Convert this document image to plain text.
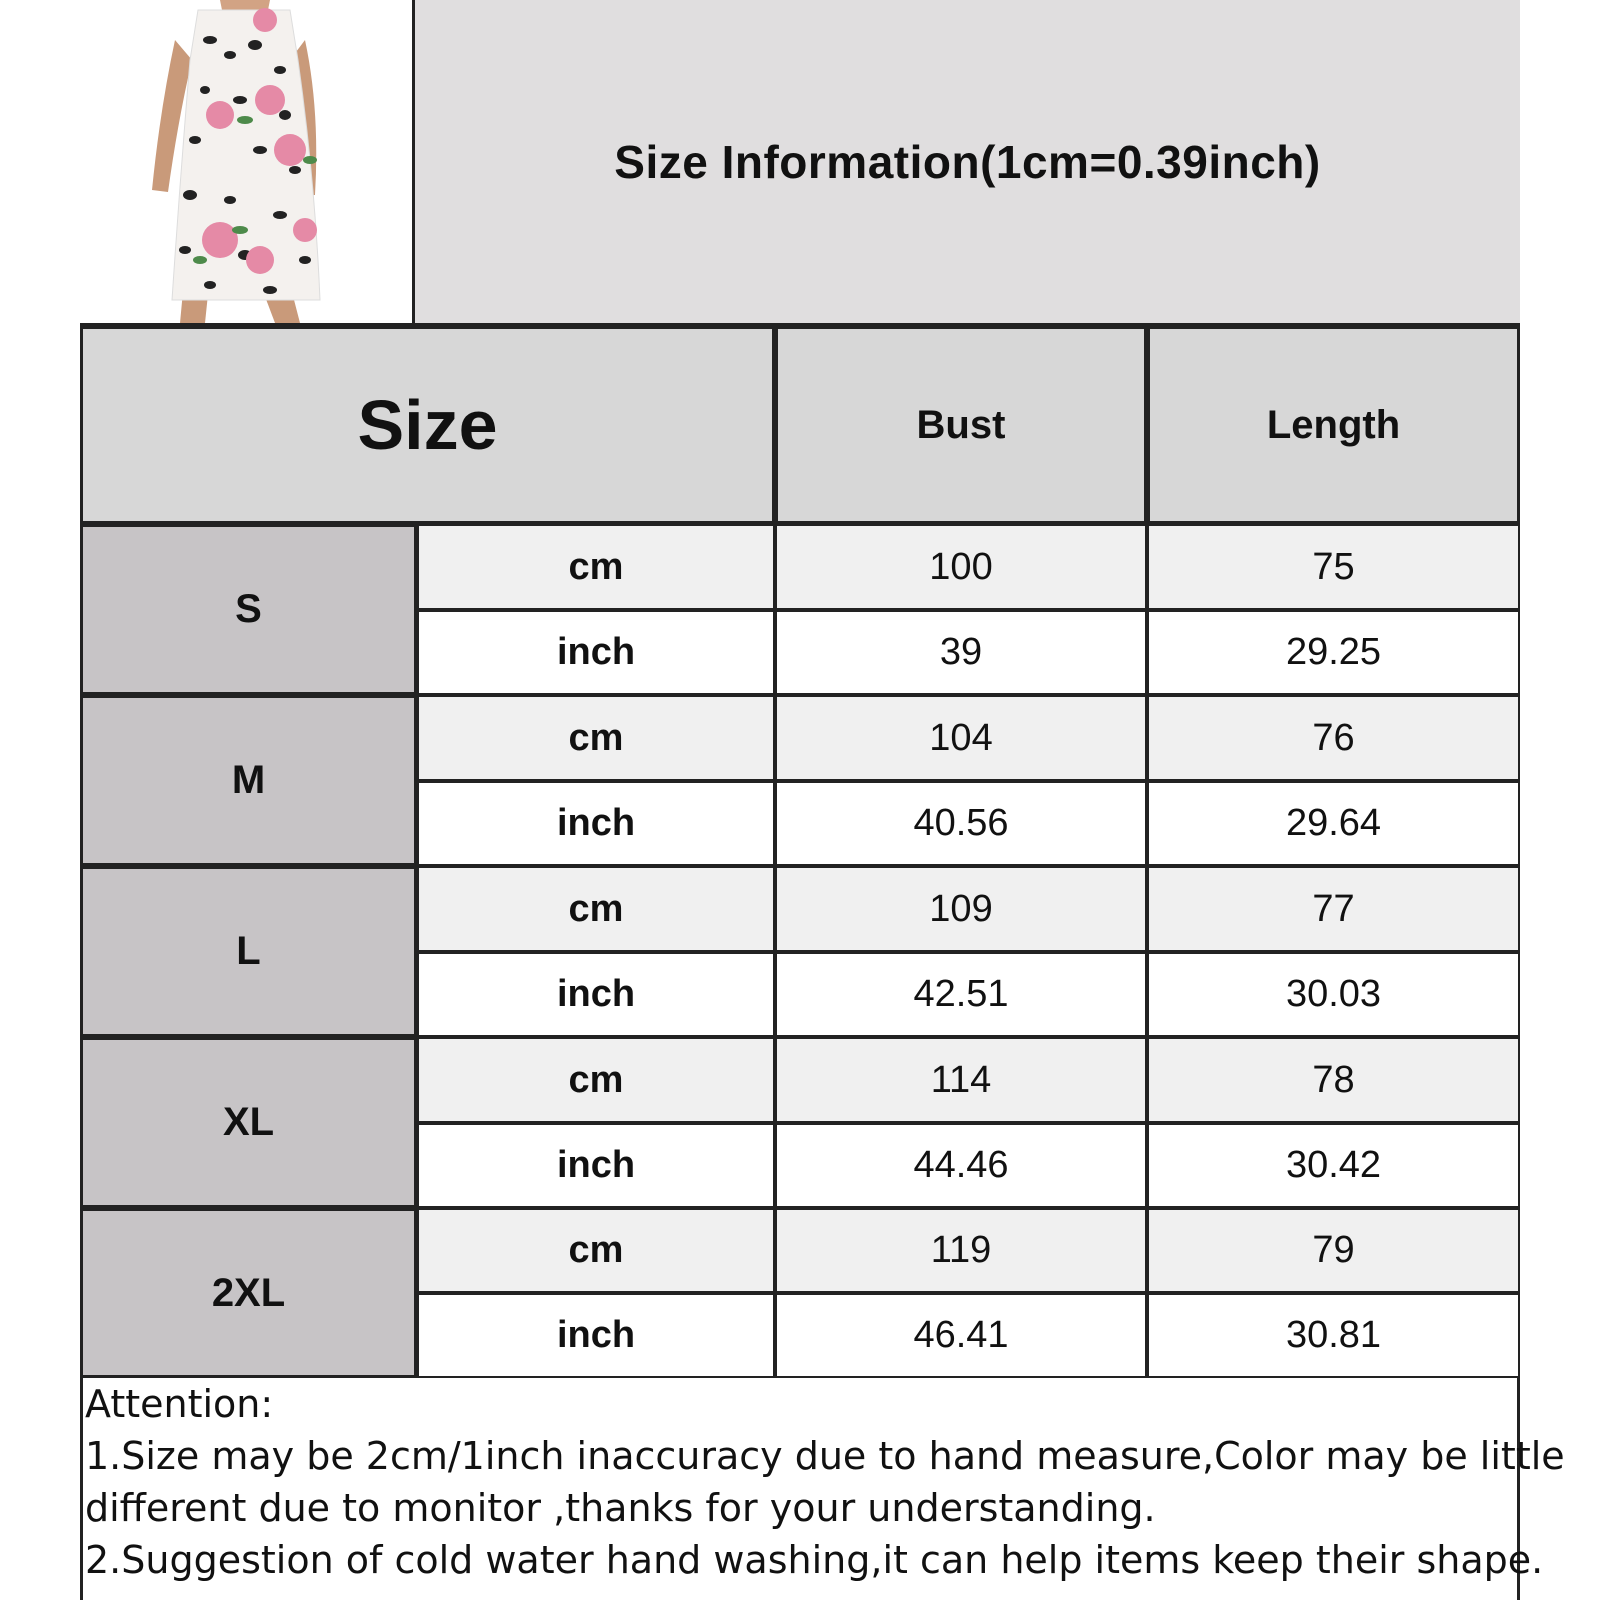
Size Information(1cm=0.39inch)
Size	Bust	Length
S
cm	100	75
inch	39	29.25
M
cm	104	76
inch	40.56	29.64
L
cm	109	77
inch	42.51	30.03
XL
cm	114	78
inch	44.46	30.42
2XL
cm	119	79
inch	46.41	30.81
Attention:
1.Size may be 2cm/1inch inaccuracy due to hand measure,Color may be little
different due to monitor ,thanks for your understanding.
2.Suggestion of cold water hand washing,it can help items keep their shape.
